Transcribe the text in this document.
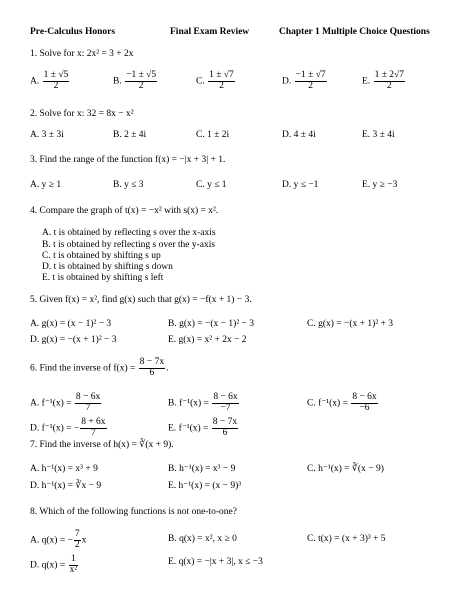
Pre-Calculus Honors	Final Exam Review	Chapter 1 Multiple Choice Questions
1. Solve for x: 2x² = 3 + 2x
A. $\frac{1 \pm √5}{2}$	B. $\frac{-1 \pm √5}{2}$	C. $\frac{1 \pm √7}{2}$	D. $\frac{-1 \pm √7}{2}$	E. $\frac{1 \pm 2√7}{2}$
2. Solve for x: 32 = 8x − x²
A. 3 ± 3i	B. 2 ± 4i	C. 1 ± 2i	D. 4 ± 4i	E. 3 ± 4i
3. Find the range of the function f(x) = −|x + 3| + 1.
A. y ≥ 1	B. y ≤ 3	C. y ≤ 1	D. y ≤ −1	E. y ≥ −3
4. Compare the graph of t(x) = −x² with s(x) = x².
A. t is obtained by reflecting s over the x-axis
B. t is obtained by reflecting s over the y-axis
C. t is obtained by shifting s up
D. t is obtained by shifting s down
E. t is obtained by shifting s left
5. Given f(x) = x², find g(x) such that g(x) = −f(x + 1) − 3.
A. g(x) = (x − 1)² − 3	B. g(x) = −(x − 1)² − 3	C. g(x) = −(x + 1)² + 3
D. g(x) = −(x + 1)² − 3	E. g(x) = x² + 2x − 2
6. Find the inverse of $f(x) = \frac{8 - 7x}{6}$ .
A. $f^{-1}(x) = \frac{8 - 6x}{7}$	B. $f^{-1}(x) = \frac{8 - 6x}{-7}$	C. $f^{-1}(x) = \frac{8 - 6x}{-6}$
D. f⁻¹(x) = − $\frac{8 + 6x}{7}$	E. $f^{-1}(x) = \frac{8 - 7x}{6}$
7. Find the inverse of h(x) = ∛(x + 9).
A. h⁻¹(x) = x³ + 9	B. h⁻¹(x) = x³ − 9	C. h⁻¹(x) = ∛(x − 9)
D. h⁻¹(x) = ∛x − 9	E. h⁻¹(x) = (x − 9)³
8. Which of the following functions is not one-to-one?
A. q(x) = − $\frac{7}{2}$ x	B. q(x) = x², x ≥ 0	C. t(x) = (x + 3)³ + 5
D. $q(x) = \frac{1}{\text{x²}}$	E. q(x) = −|x + 3|, x ≤ −3
